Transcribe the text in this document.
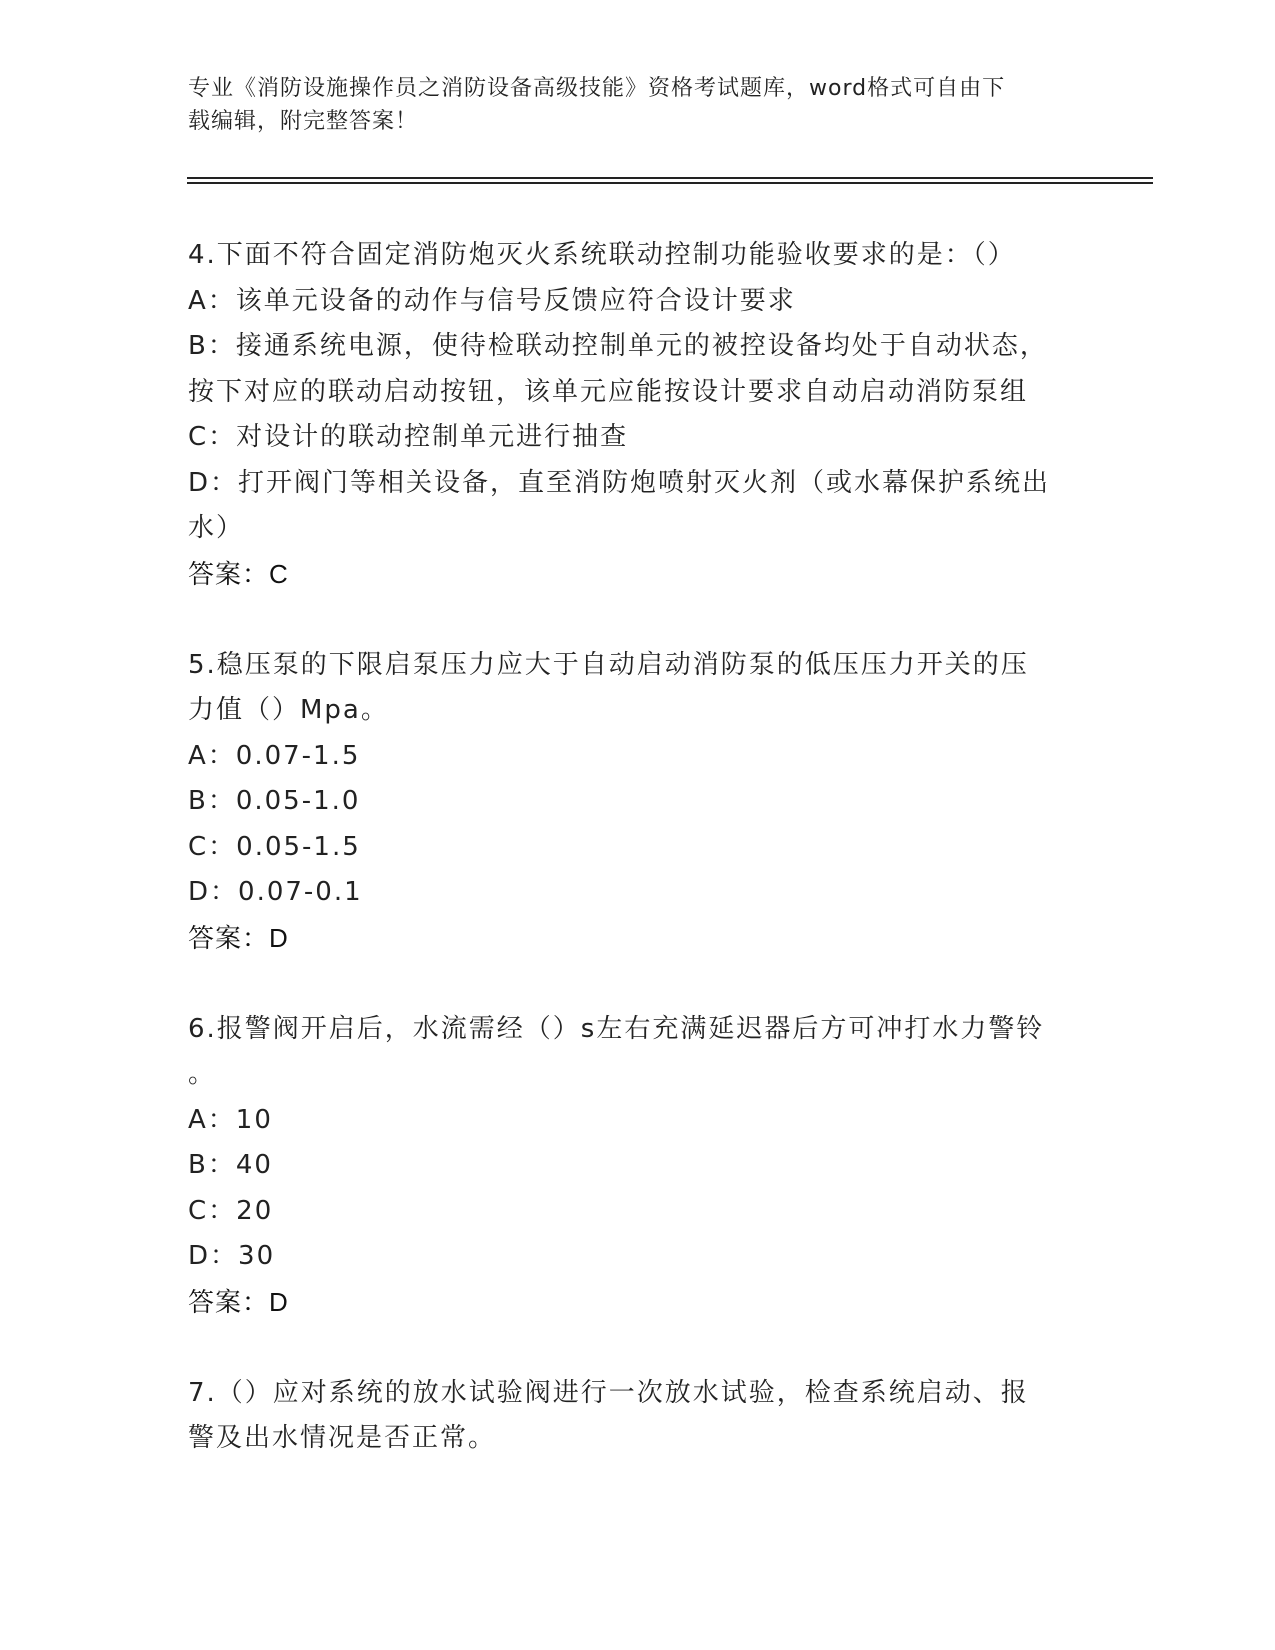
专业《消防设施操作员之消防设备高级技能》资格考试题库，word格式可自由下
载编辑，附完整答案！
4.下面不符合固定消防炮灭火系统联动控制功能验收要求的是：（）
A：该单元设备的动作与信号反馈应符合设计要求
B：接通系统电源，使待检联动控制单元的被控设备均处于自动状态，
按下对应的联动启动按钮，该单元应能按设计要求自动启动消防泵组
C：对设计的联动控制单元进行抽查
D：打开阀门等相关设备，直至消防炮喷射灭火剂（或水幕保护系统出
水）
答案：C
5.稳压泵的下限启泵压力应大于自动启动消防泵的低压压力开关的压
力值（）Mpa。
A：0.07-1.5
B：0.05-1.0
C：0.05-1.5
D：0.07-0.1
答案：D
6.报警阀开启后，水流需经（）s左右充满延迟器后方可冲打水力警铃
。
A：10
B：40
C：20
D：30
答案：D
7.（）应对系统的放水试验阀进行一次放水试验，检查系统启动、报
警及出水情况是否正常。
